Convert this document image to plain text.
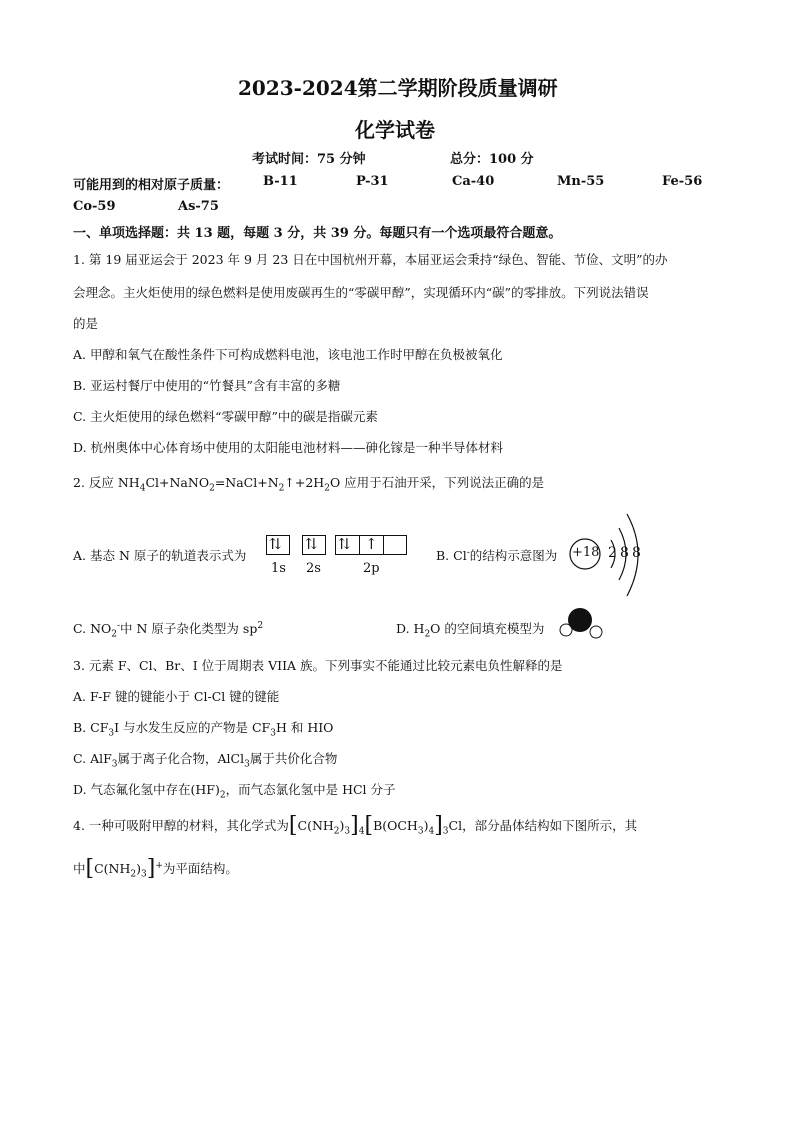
2023-2024第二学期阶段质量调研
化学试卷
考试时间：75 分钟	总分：100 分
可能用到的相对原子质量：	B-11	P-31	Ca-40	Mn-55	Fe-56
Co-59	As-75
一、单项选择题：共 13 题，每题 3 分，共 39 分。每题只有一个选项最符合题意。
1. 第 19 届亚运会于 2023 年 9 月 23 日在中国杭州开幕，本届亚运会秉持“绿色、智能、节俭、文明”的办
会理念。主火炬使用的绿色燃料是使用废碳再生的“零碳甲醇”，实现循环内“碳”的零排放。下列说法错误
的是
A. 甲醇和氧气在酸性条件下可构成燃料电池，该电池工作时甲醇在负极被氧化
B. 亚运村餐厅中使用的“竹餐具”含有丰富的多糖
C. 主火炬使用的绿色燃料“零碳甲醇”中的碳是指碳元素
D. 杭州奥体中心体育场中使用的太阳能电池材料——砷化镓是一种半导体材料
2. 反应 $NH_4Cl+NaNO_2=NaCl+N_2↑+2H_2O$ 应用于石油开采，下列说法正确的是
A. 基态 N 原子的轨道表示式为
⇅ ⇅ ⇅ ↑
1s 2s	2p
B. Cl-的结构示意图为 +18 2 8 8
C. $NO_2^-$中 N 原子杂化类型为 $sp^2$	D. $H_2O$ 的空间填充模型为
3. 元素 F、Cl、Br、I 位于周期表 VIIA 族。下列事实不能通过比较元素电负性解释的是
A. F-F 键的键能小于 Cl-Cl 键的键能
B. $CF_3I$ 与水发生反应的产物是 $CF_3H$ 和 HIO
C. AlF$_3$属于离子化合物，AlCl$_3$属于共价化合物
D. 气态氟化氢中存在$(HF)_2$，而气态氯化氢中是 HCl 分子
4. 一种可吸附甲醇的材料，其化学式为$[C(NH_2)_3]_4[B(OCH_3)_4]_3Cl$，部分晶体结构如下图所示，其
中$[C(NH_2)_3]^+$为平面结构。
